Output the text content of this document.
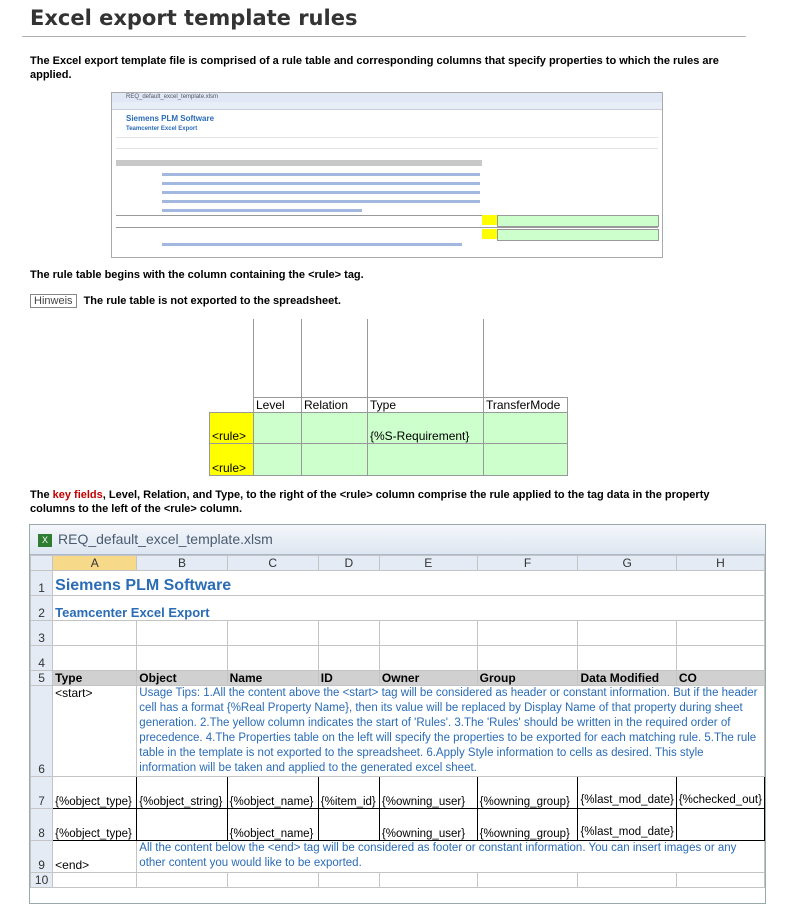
Excel export template rules

The Excel export template file is comprised of a rule table and corresponding columns that specify properties to which the rules are applied.

REQ_default_excel_template.xlsm
Siemens PLM Software
Teamcenter Excel Export

The rule table begins with the column containing the <rule> tag.

Hinweis The rule table is not exported to the spreadsheet.

	Level	Relation	Type	TransferMode
<rule>			{%S-Requirement}	
<rule>				

The key fields, Level, Relation, and Type, to the right of the <rule> column comprise the rule applied to the tag data in the property columns to the left of the <rule> column.

X REQ_default_excel_template.xlsm
	A	B	C	D	E	F	G	H
1	Siemens PLM Software							
2	Teamcenter Excel Export							
3								
4								
5	Type	Object	Name	ID	Owner	Group	Data Modified	CO
6	<start>	Usage Tips: 1.All the content above the <start> tag will be considered as header or constant information. But if the header cell has a format {%Real Property Name}, then its value will be replaced by Display Name of that property during sheet generation. 2.The yellow column indicates the start of 'Rules'. 3.The 'Rules' should be written in the required order of precedence. 4.The Properties table on the left will specify the properties to be exported for each matching rule. 5.The rule table in the template is not exported to the spreadsheet. 6.Apply Style information to cells as desired. This style information will be taken and applied to the generated excel sheet.						
7	{%object_type}	{%object_string}	{%object_name}	{%item_id}	{%owning_user}	{%owning_group}	{%last_mod_date}	{%checked_out}
8	{%object_type}		{%object_name}		{%owning_user}	{%owning_group}	{%last_mod_date}	
9	<end>	All the content below the <end> tag will be considered as footer or constant information. You can insert images or any other content you would like to be exported.						
10								
